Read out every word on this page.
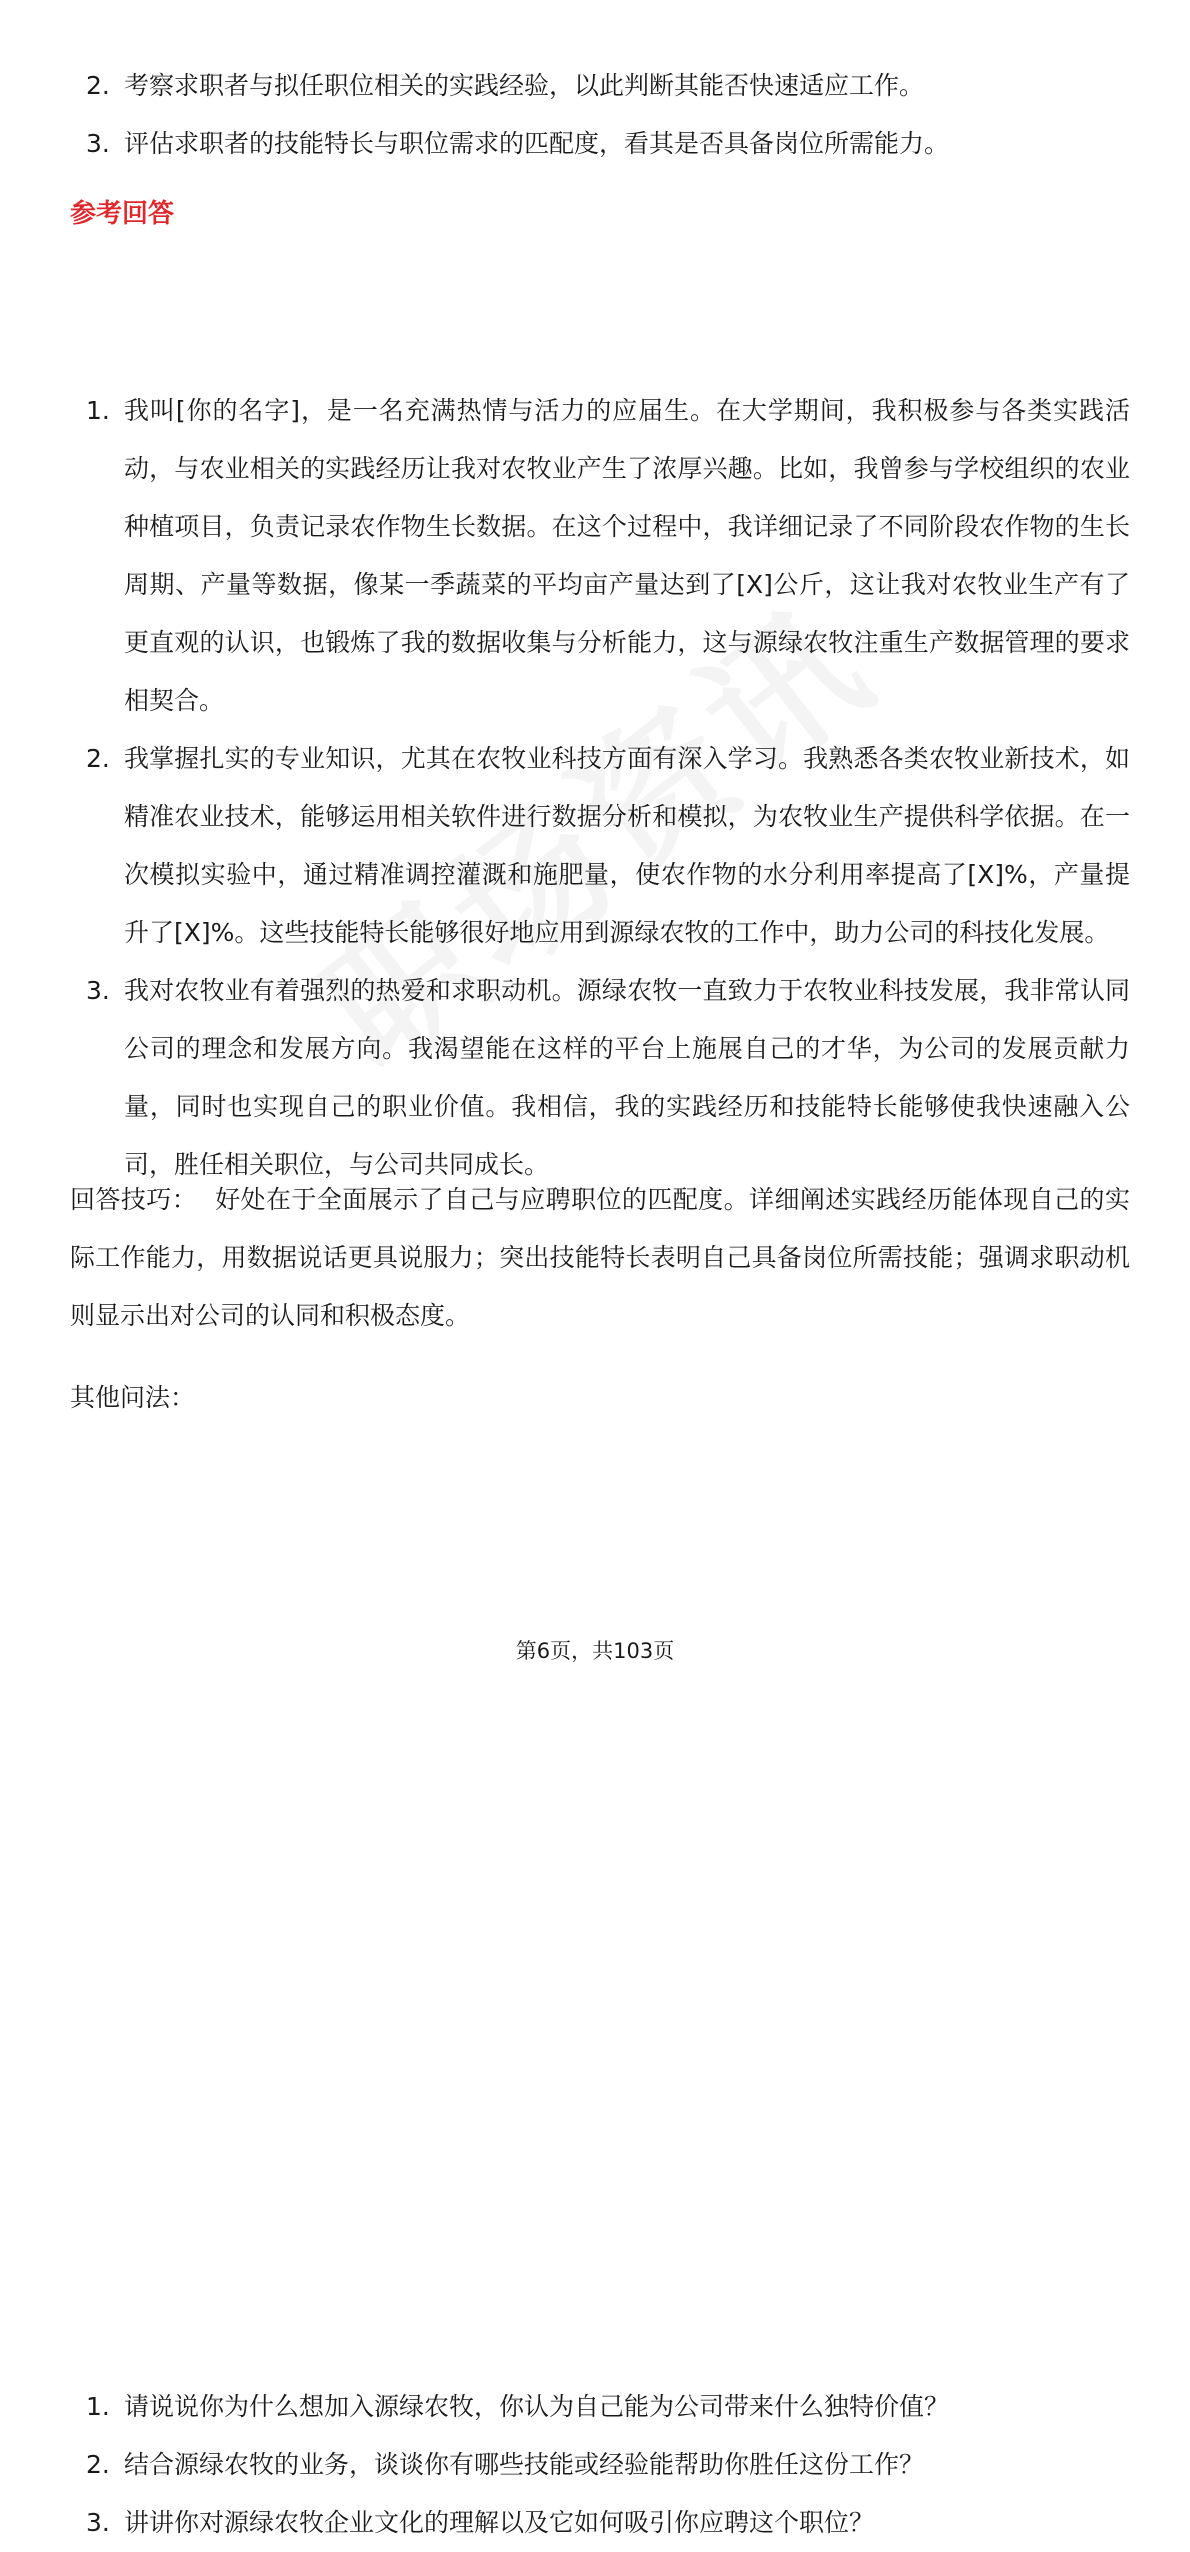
2. 考察求职者与拟任职位相关的实践经验，以此判断其能否快速适应工作。
3. 评估求职者的技能特长与职位需求的匹配度，看其是否具备岗位所需能力。
参考回答
1. 我叫[你的名字]，是一名充满热情与活力的应届生。在大学期间，我积极参与各类实践活动，与农业相关的实践经历让我对农牧业产生了浓厚兴趣。比如，我曾参与学校组织的农业种植项目，负责记录农作物生长数据。在这个过程中，我详细记录了不同阶段农作物的生长周期、产量等数据，像某一季蔬菜的平均亩产量达到了[X]公斤，这让我对农牧业生产有了更直观的认识，也锻炼了我的数据收集与分析能力，这与源绿农牧注重生产数据管理的要求相契合。
2. 我掌握扎实的专业知识，尤其在农牧业科技方面有深入学习。我熟悉各类农牧业新技术，如精准农业技术，能够运用相关软件进行数据分析和模拟，为农牧业生产提供科学依据。在一次模拟实验中，通过精准调控灌溉和施肥量，使农作物的水分利用率提高了[X]%，产量提升了[X]%。这些技能特长能够很好地应用到源绿农牧的工作中，助力公司的科技化发展。
3. 我对农牧业有着强烈的热爱和求职动机。源绿农牧一直致力于农牧业科技发展，我非常认同公司的理念和发展方向。我渴望能在这样的平台上施展自己的才华，为公司的发展贡献力量，同时也实现自己的职业价值。我相信，我的实践经历和技能特长能够使我快速融入公司，胜任相关职位，与公司共同成长。
回答技巧： 好处在于全面展示了自己与应聘职位的匹配度。详细阐述实践经历能体现自己的实际工作能力，用数据说话更具说服力；突出技能特长表明自己具备岗位所需技能；强调求职动机则显示出对公司的认同和积极态度。
其他问法：
1. 请说说你为什么想加入源绿农牧，你认为自己能为公司带来什么独特价值？
2. 结合源绿农牧的业务，谈谈你有哪些技能或经验能帮助你胜任这份工作？
3. 讲讲你对源绿农牧企业文化的理解以及它如何吸引你应聘这个职位？
第6页，共103页
